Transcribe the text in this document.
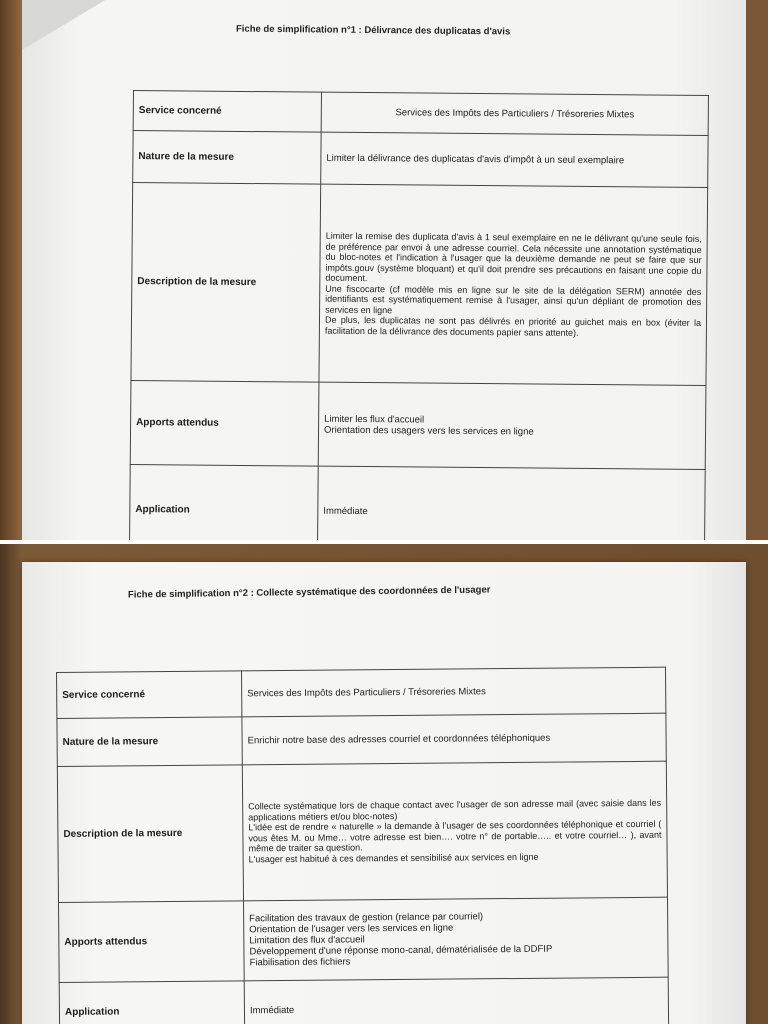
Fiche de simplification n°1 : Délivrance des duplicatas d'avis
Service concerné	Services des Impôts des Particuliers / Trésoreries Mixtes
Nature de la mesure	Limiter la délivrance des duplicatas d'avis d'impôt à un seul exemplaire
Description de la mesure	Limiter la remise des duplicata d'avis à 1 seul exemplaire en ne le délivrant qu'une seule fois, de préférence par envoi à une adresse courriel. Cela nécessite une annotation systématique du bloc-notes et l'indication à l'usager que la deuxième demande ne peut se faire que sur impôts.gouv (système bloquant) et qu'il doit prendre ses précautions en faisant une copie du document.
Une fiscocarte (cf modèle mis en ligne sur le site de la délégation SERM) annotée des identifiants est systématiquement remise à l'usager, ainsi qu'un dépliant de promotion des services en ligne
De plus, les duplicatas ne sont pas délivrés en priorité au guichet mais en box (éviter la facilitation de la délivrance des documents papier sans attente).

Apports attendus	Limiter les flux d'accueil
Orientation des usagers vers les services en ligne

Application	Immédiate
Fiche de simplification n°2 : Collecte systématique des coordonnées de l'usager
Service concerné	Services des Impôts des Particuliers / Trésoreries Mixtes
Nature de la mesure	Enrichir notre base des adresses courriel et coordonnées téléphoniques
Description de la mesure	Collecte systématique lors de chaque contact avec l'usager de son adresse mail (avec saisie dans les applications métiers et/ou bloc-notes)
L'idée est de rendre « naturelle » la demande à l'usager de ses coordonnées téléphonique et courriel ( vous êtes M. ou Mme… votre adresse est bien…. votre n° de portable….. et votre courriel… ), avant même de traiter sa question.
L'usager est habitué à ces demandes et sensibilisé aux services en ligne

Apports attendus	Facilitation des travaux de gestion (relance par courriel)
Orientation de l'usager vers les services en ligne
Limitation des flux d'accueil
Développement d'une réponse mono-canal, dématérialisée de la DDFIP
Fiabilisation des fichiers

Application	Immédiate
